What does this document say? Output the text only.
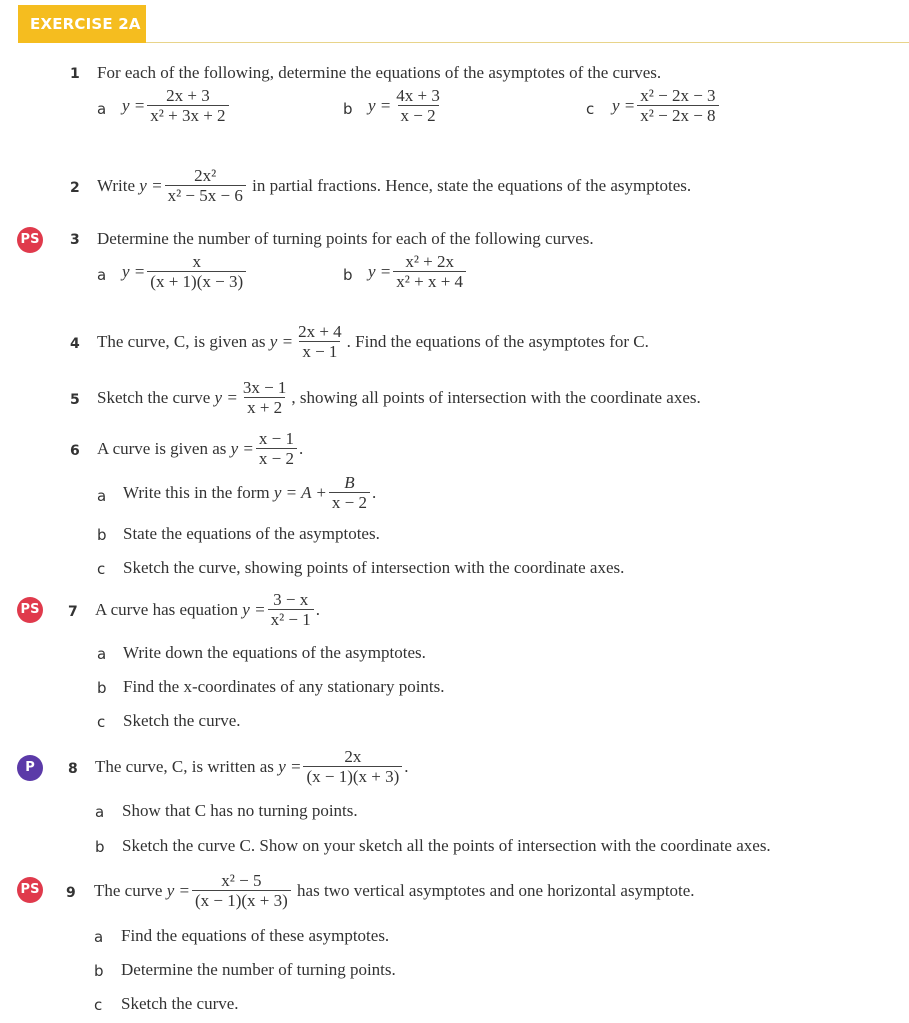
EXERCISE 2A
1 For each of the following, determine the equations of the asymptotes of the curves.
a $y = \frac{2x + 3}{\text{x² + 3x + 2}}$	b $y = \frac{4x + 3}{x - 2}$	c $y = \frac{\text{x² − 2x − 3}}{\text{x² − 2x − 8}}$
2 Write
$y = \frac{\text{2x²}}{\text{x² − 5x − 6}}$
in partial fractions. Hence, state the equations of the asymptotes.
PS 3 Determine the number of turning points for each of the following curves.
a $y = \frac{x}{(x + 1)(x - 3)}$	b $y = \frac{\text{x² + 2x}}{\text{x² + x + 4}}$
4 The curve, C, is given as
$y = \frac{2x + 4}{x - 1}$ . Find the equations of the asymptotes for C.
5 Sketch the curve
$y = \frac{3x - 1}{x + 2}$ , showing all points of intersection with the coordinate axes.
6 A curve is given as
$y = \frac{x - 1}{x - 2}$ .
a Write this in the form
$y = A + \frac{B}{x - 2}$ .
b State the equations of the asymptotes.
c Sketch the curve, showing points of intersection with the coordinate axes.
PS 7 A curve has equation
$y = \frac{3 - x}{\text{x² − 1}}$ .
a Write down the equations of the asymptotes.
b Find the x-coordinates of any stationary points.
c Sketch the curve.
P	8 The curve, C, is written as
$y = \frac{2x}{(x - 1)(x + 3)}$ .
a Show that C has no turning points.
b Sketch the curve C. Show on your sketch all the points of intersection with the coordinate axes.
PS 9 The curve
$y = \frac{\text{x² − 5}}{(x - 1)(x + 3)}$
has two vertical asymptotes and one horizontal asymptote.
a Find the equations of these asymptotes.
b Determine the number of turning points.
c Sketch the curve.
